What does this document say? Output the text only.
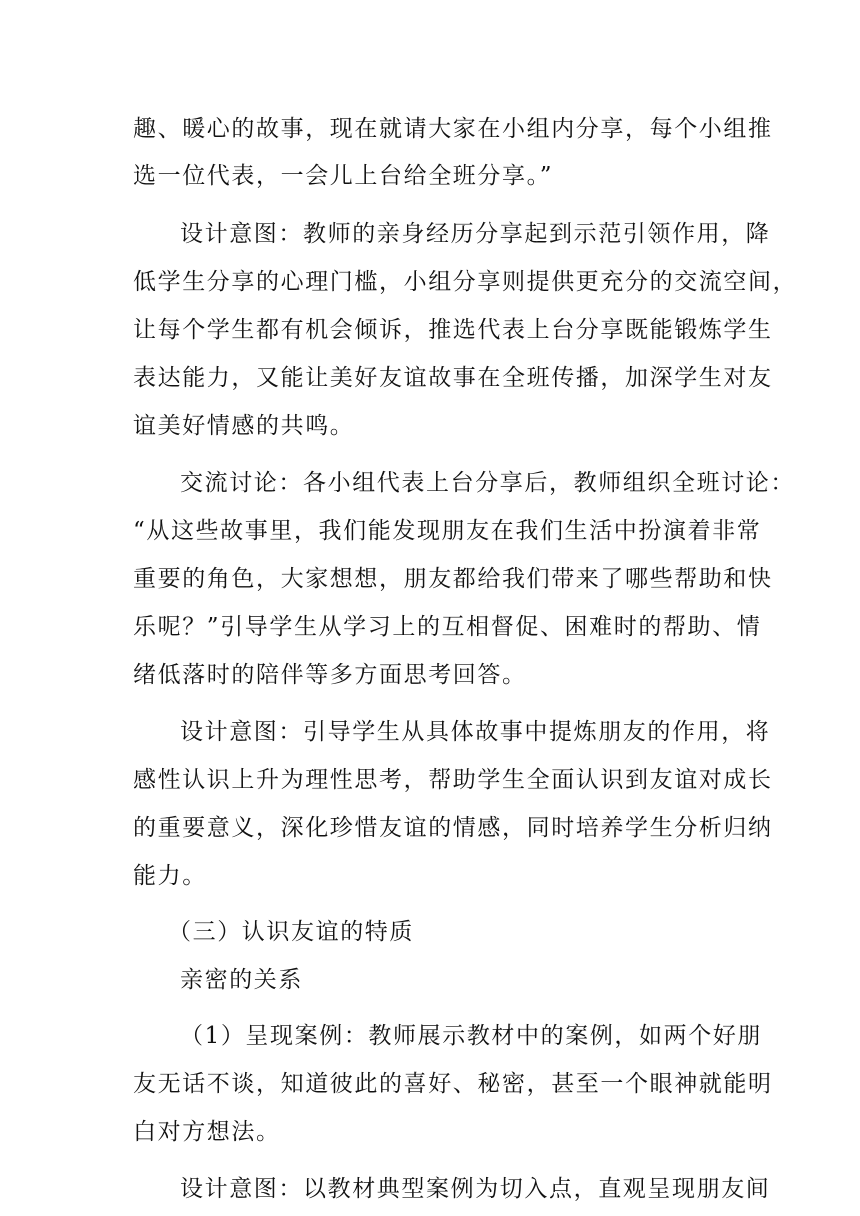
趣、暖心的故事，现在就请大家在小组内分享，每个小组推
选一位代表，一会儿上台给全班分享。”
设计意图：教师的亲身经历分享起到示范引领作用，降
低学生分享的心理门槛，小组分享则提供更充分的交流空间，
让每个学生都有机会倾诉，推选代表上台分享既能锻炼学生
表达能力，又能让美好友谊故事在全班传播，加深学生对友
谊美好情感的共鸣。
交流讨论：各小组代表上台分享后，教师组织全班讨论：
“从这些故事里，我们能发现朋友在我们生活中扮演着非常
重要的角色，大家想想，朋友都给我们带来了哪些帮助和快
乐呢？”引导学生从学习上的互相督促、困难时的帮助、情
绪低落时的陪伴等多方面思考回答。
设计意图：引导学生从具体故事中提炼朋友的作用，将
感性认识上升为理性思考，帮助学生全面认识到友谊对成长
的重要意义，深化珍惜友谊的情感，同时培养学生分析归纳
能力。
（三）认识友谊的特质
亲密的关系
（1）呈现案例：教师展示教材中的案例，如两个好朋
友无话不谈，知道彼此的喜好、秘密，甚至一个眼神就能明
白对方想法。
设计意图：以教材典型案例为切入点，直观呈现朋友间
